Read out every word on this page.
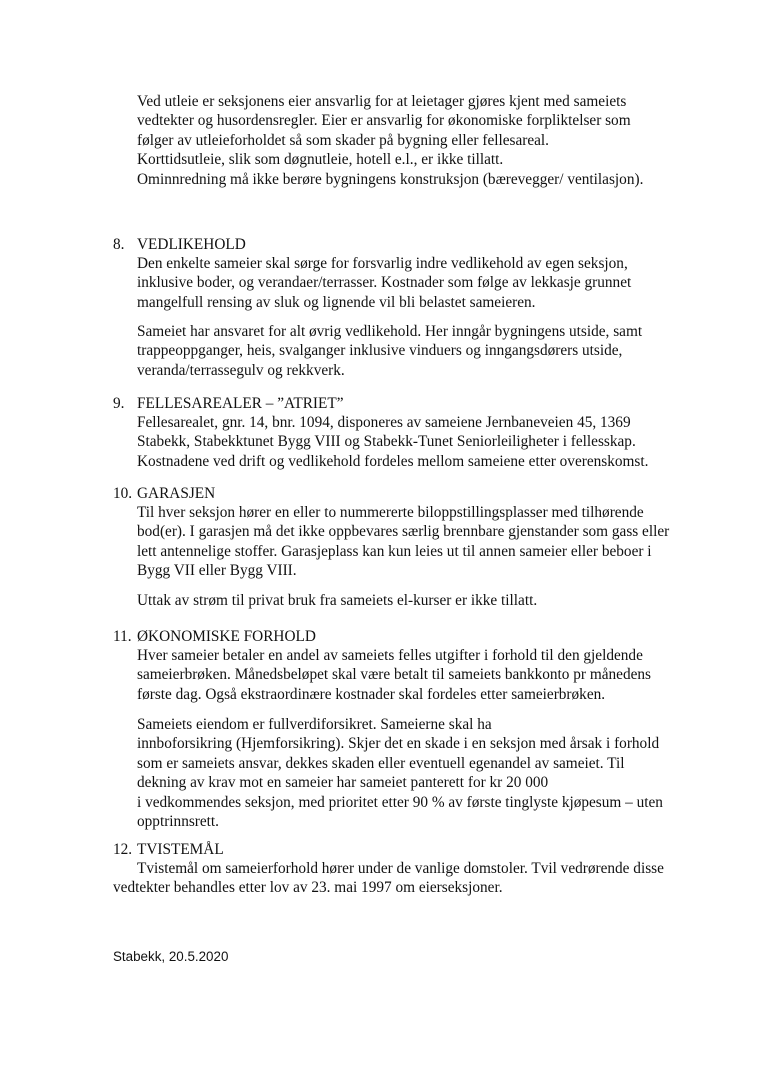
Ved utleie er seksjonens eier ansvarlig for at leietager gjøres kjent med sameiets

vedtekter og husordensregler. Eier er ansvarlig for økonomiske forpliktelser som

følger av utleieforholdet så som skader på bygning eller fellesareal.

Korttidsutleie, slik som døgnutleie, hotell e.l., er ikke tillatt.

Ominnredning må ikke berøre bygningens konstruksjon (bærevegger/ ventilasjon).

8. VEDLIKEHOLD

Den enkelte sameier skal sørge for forsvarlig indre vedlikehold av egen seksjon,

inklusive boder, og verandaer/terrasser. Kostnader som følge av lekkasje grunnet

mangelfull rensing av sluk og lignende vil bli belastet sameieren.

Sameiet har ansvaret for alt øvrig vedlikehold. Her inngår bygningens utside, samt

trappeoppganger, heis, svalganger inklusive vinduers og inngangsdørers utside,

veranda/terrassegulv og rekkverk.

9. FELLESAREALER – ”ATRIET”

Fellesarealet, gnr. 14, bnr. 1094, disponeres av sameiene Jernbaneveien 45, 1369

Stabekk, Stabekktunet Bygg VIII og Stabekk-Tunet Seniorleiligheter i fellesskap.

Kostnadene ved drift og vedlikehold fordeles mellom sameiene etter overenskomst.

10. GARASJEN

Til hver seksjon hører en eller to nummererte biloppstillingsplasser med tilhørende

bod(er). I garasjen må det ikke oppbevares særlig brennbare gjenstander som gass eller

lett antennelige stoffer. Garasjeplass kan kun leies ut til annen sameier eller beboer i

Bygg VII eller Bygg VIII.

Uttak av strøm til privat bruk fra sameiets el-kurser er ikke tillatt.

11. ØKONOMISKE FORHOLD

Hver sameier betaler en andel av sameiets felles utgifter i forhold til den gjeldende

sameierbrøken. Månedsbeløpet skal være betalt til sameiets bankkonto pr månedens

første dag. Også ekstraordinære kostnader skal fordeles etter sameierbrøken.

Sameiets eiendom er fullverdiforsikret. Sameierne skal ha

innboforsikring (Hjemforsikring). Skjer det en skade i en seksjon med årsak i forhold

som er sameiets ansvar, dekkes skaden eller eventuell egenandel av sameiet. Til

dekning av krav mot en sameier har sameiet panterett for kr 20 000

i vedkommendes seksjon, med prioritet etter 90 % av første tinglyste kjøpesum – uten

opptrinnsrett.

12. TVISTEMÅL

Tvistemål om sameierforhold hører under de vanlige domstoler. Tvil vedrørende disse

vedtekter behandles etter lov av 23. mai 1997 om eierseksjoner.
Stabekk, 20.5.2020
